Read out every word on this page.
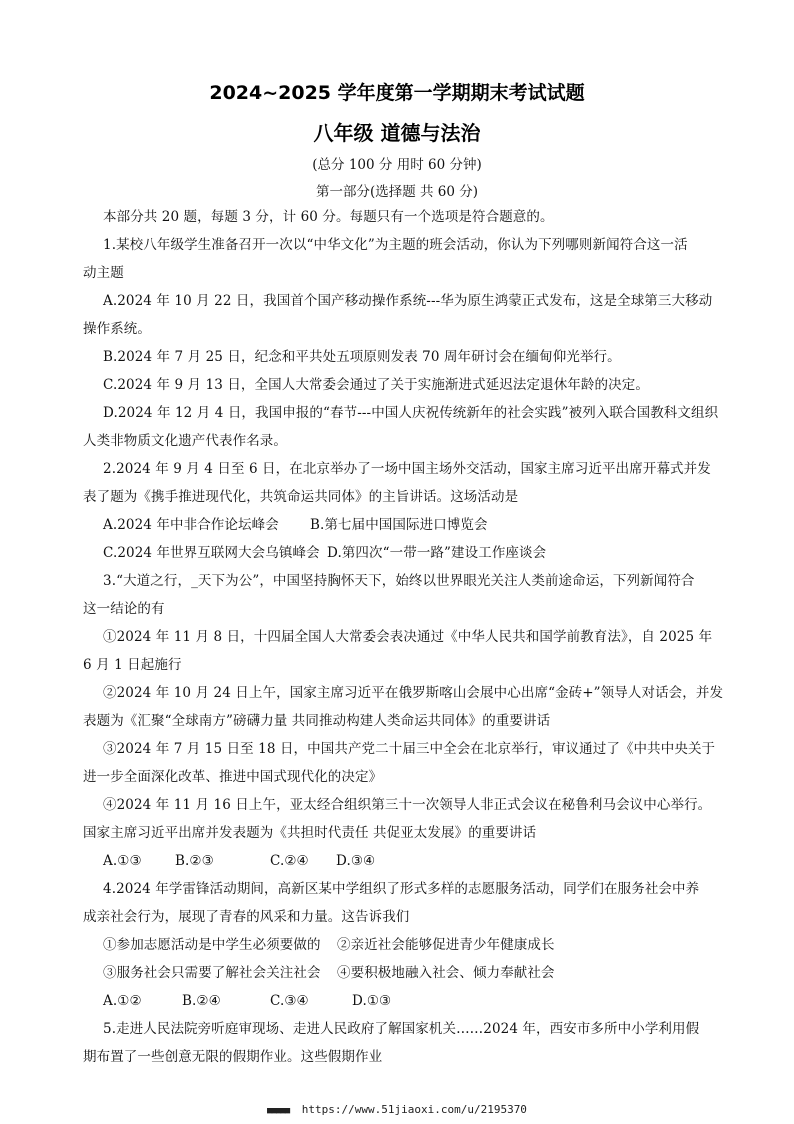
2024~2025 学年度第一学期期末考试试题
八年级 道德与法治
(总分 100 分 用时 60 分钟)
第一部分(选择题 共 60 分)
本部分共 20 题，每题 3 分，计 60 分。每题只有一个选项是符合题意的。
1.某校八年级学生准备召开一次以“中华文化”为主题的班会活动，你认为下列哪则新闻符合这一活
动主题
A.2024 年 10 月 22 日，我国首个国产移动操作系统---华为原生鸿蒙正式发布，这是全球第三大移动
操作系统。
B.2024 年 7 月 25 日，纪念和平共处五项原则发表 70 周年研讨会在缅甸仰光举行。
C.2024 年 9 月 13 日，全国人大常委会通过了关于实施渐进式延迟法定退休年龄的决定。
D.2024 年 12 月 4 日，我国申报的“春节---中国人庆祝传统新年的社会实践”被列入联合国教科文组织
人类非物质文化遗产代表作名录。
2.2024 年 9 月 4 日至 6 日，在北京举办了一场中国主场外交活动，国家主席习近平出席开幕式并发
表了题为《携手推进现代化，共筑命运共同体》的主旨讲话。这场活动是
A.2024 年中非合作论坛峰会 B.第七届中国国际进口博览会
C.2024 年世界互联网大会乌镇峰会 D.第四次“一带一路”建设工作座谈会
3.“大道之行，_天下为公”，中国坚持胸怀天下，始终以世界眼光关注人类前途命运，下列新闻符合
这一结论的有
①2024 年 11 月 8 日，十四届全国人大常委会表决通过《中华人民共和国学前教育法》，自 2025 年
6 月 1 日起施行
②2024 年 10 月 24 日上午，国家主席习近平在俄罗斯喀山会展中心出席“金砖+”领导人对话会，并发
表题为《汇聚“全球南方”磅礴力量 共同推动构建人类命运共同体》的重要讲话
③2024 年 7 月 15 日至 18 日，中国共产党二十届三中全会在北京举行，审议通过了《中共中央关于
进一步全面深化改革、推进中国式现代化的决定》
④2024 年 11 月 16 日上午，亚太经合组织第三十一次领导人非正式会议在秘鲁利马会议中心举行。
国家主席习近平出席并发表题为《共担时代责任 共促亚太发展》的重要讲话
A.①③ B.②③	C.②④ D.③④
4.2024 年学雷锋活动期间，高新区某中学组织了形式多样的志愿服务活动，同学们在服务社会中养
成亲社会行为，展现了青春的风采和力量。这告诉我们
①参加志愿活动是中学生必须要做的 ②亲近社会能够促进青少年健康成长
③服务社会只需要了解社会关注社会 ④要积极地融入社会、倾力奉献社会
A.①②	B.②④	C.③④	D.①③
5.走进人民法院旁听庭审现场、走进人民政府了解国家机关……2024 年，西安市多所中小学利用假
期布置了一些创意无限的假期作业。这些假期作业
■■■■■ https://www.51jiaoxi.com/u/2195370
